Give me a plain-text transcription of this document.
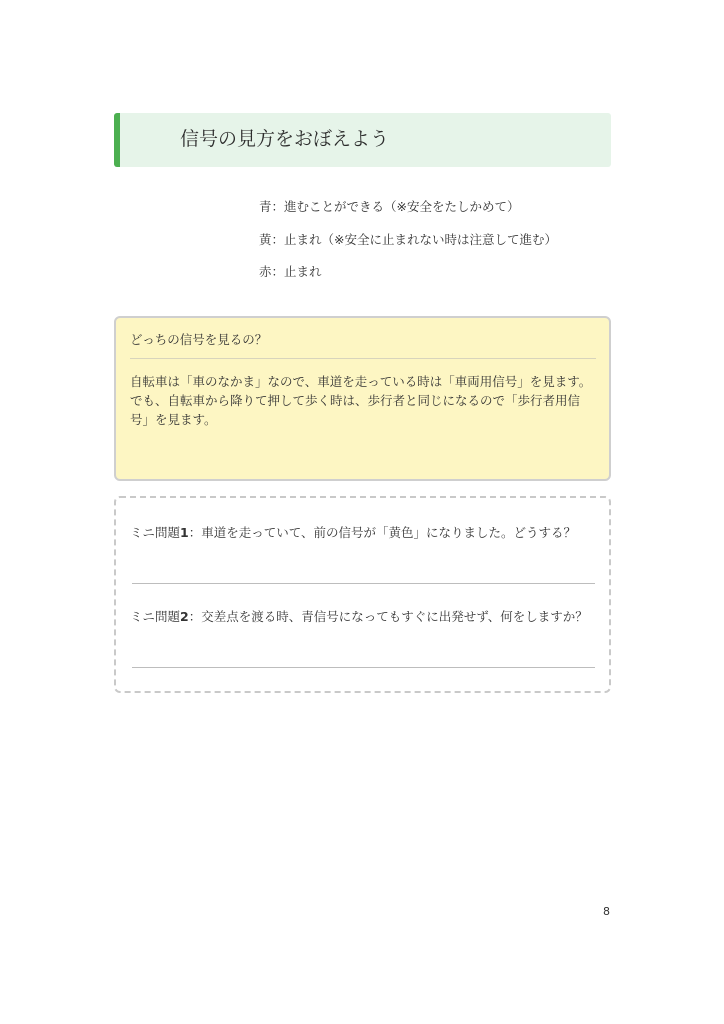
信号の見方をおぼえよう
青：進むことができる（※安全をたしかめて）
黄：止まれ（※安全に止まれない時は注意して進む）
赤：止まれ
どっちの信号を見るの？

自転車は「車のなかま」なので、車道を走っている時は「車両用信号」を見ます。

でも、自転車から降りて押して歩く時は、歩行者と同じになるので「歩行者用信号」を見ます。

ミニ問題1：車道を走っていて、前の信号が「黄色」になりました。どうする？
ミニ問題2：交差点を渡る時、青信号になってもすぐに出発せず、何をしますか？
8
